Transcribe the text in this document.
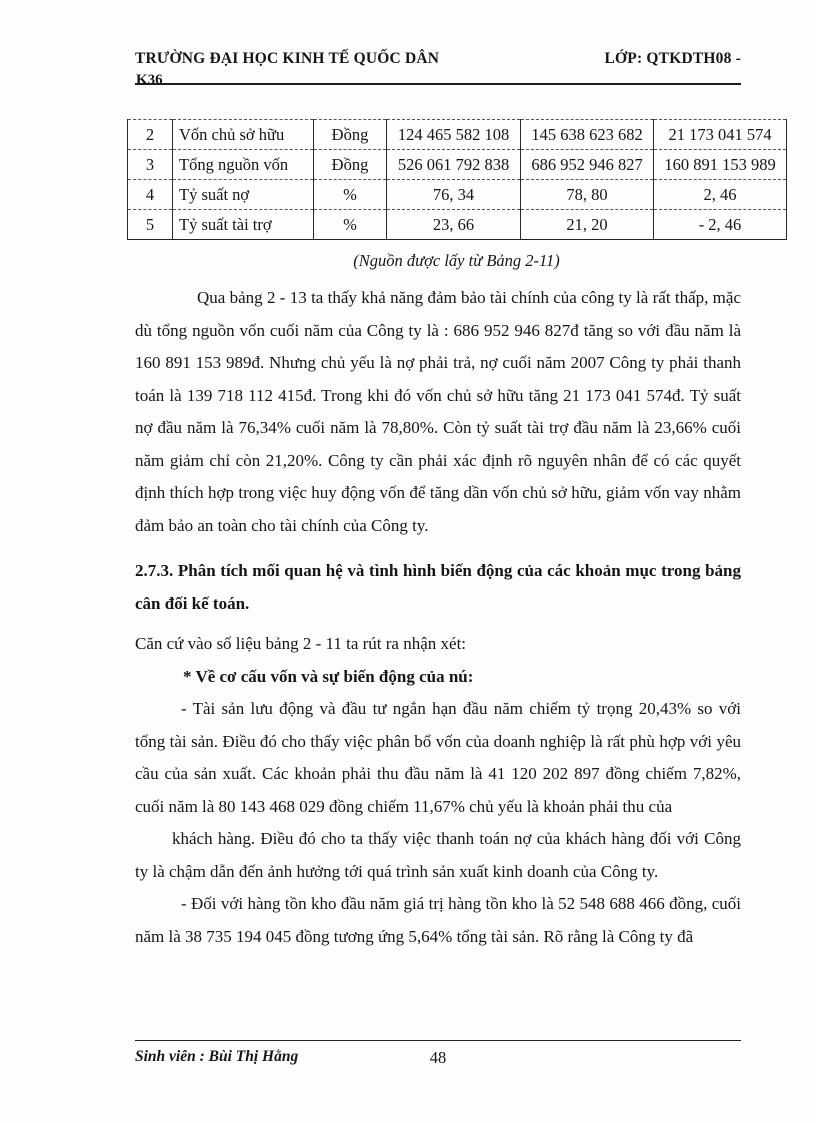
TRƯỜNG ĐẠI HỌC KINH TẾ QUỐC DÂN	LỚP: QTKDTH08 -
K36
2	Vốn chủ sở hữu	Đồng	124 465 582 108	145 638 623 682	21 173 041 574
3	Tổng nguồn vốn	Đồng	526 061 792 838	686 952 946 827	160 891 153 989
4	Tỷ suất nợ	%	76, 34	78, 80	2, 46
5	Tỷ suất tài trợ	%	23, 66	21, 20	- 2, 46
(Nguồn được lấy từ Bảng 2-11)

Qua bảng 2 - 13 ta thấy khả năng đảm bảo tài chính của công ty là rất thấp, mặc dù tổng nguồn vốn cuối năm của Công ty là : 686 952 946 827đ tăng so với đầu năm là 160 891 153 989đ. Nhưng chủ yếu là nợ phải trả, nợ cuối năm 2007 Công ty phải thanh toán là 139 718 112 415đ. Trong khi đó vốn chủ sở hữu tăng 21 173 041 574đ. Tỷ suất nợ đầu năm là 76,34% cuối năm là 78,80%. Còn tỷ suất tài trợ đầu năm là 23,66% cuối năm giảm chỉ còn 21,20%. Công ty cần phải xác định rõ nguyên nhân để có các quyết định thích hợp trong việc huy động vốn để tăng dần vốn chủ sở hữu, giảm vốn vay nhằm đảm bảo an toàn cho tài chính của Công ty.

2.7.3. Phân tích mối quan hệ và tình hình biến động của các khoản mục trong bảng cân đối kế toán.

Căn cứ vào số liệu bảng 2 - 11 ta rút ra nhận xét:

* Về cơ cấu vốn và sự biến động của nú:

- Tài sản lưu động và đầu tư ngắn hạn đầu năm chiếm tỷ trọng 20,43% so với tổng tài sản. Điều đó cho thấy việc phân bổ vốn của doanh nghiệp là rất phù hợp với yêu cầu của sản xuất. Các khoản phải thu đầu năm là 41 120 202 897 đồng chiếm 7,82%, cuối năm là 80 143 468 029 đồng chiếm 11,67% chủ yếu là khoản phải thu của

khách hàng. Điều đó cho ta thấy việc thanh toán nợ của khách hàng đối với Công ty là chậm dẫn đến ảnh hưởng tới quá trình sản xuất kinh doanh của Công ty.

- Đối với hàng tồn kho đầu năm giá trị hàng tồn kho là 52 548 688 466 đồng, cuối năm là 38 735 194 045 đồng tương ứng 5,64% tổng tài sản. Rõ rằng là Công ty đã

Sinh viên : Bùi Thị Hằng	48
